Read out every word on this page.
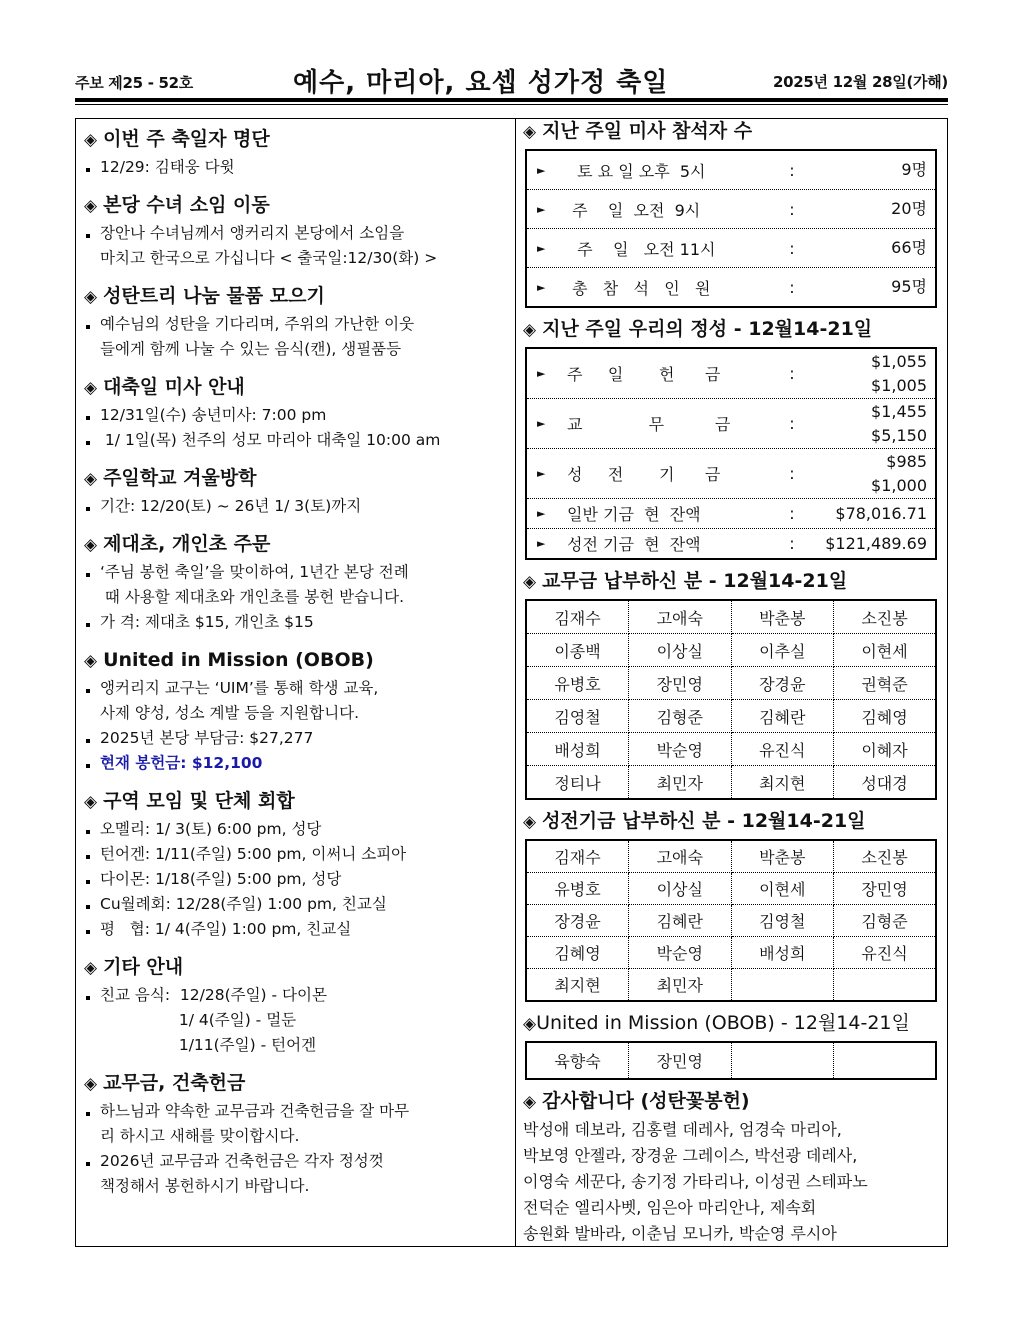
주보 제25 - 52호	예수, 마리아, 요셉 성가정 축일	2025년 12월 28일(가해)
◈ 이번 주 축일자 명단
12/29: 김태웅 다윗
◈ 본당 수녀 소임 이동
장안나 수녀님께서 앵커리지 본당에서 소임을
마치고 한국으로 가십니다 < 출국일:12/30(화) >
◈ 성탄트리 나눔 물품 모으기
예수님의 성탄을 기다리며, 주위의 가난한 이웃
들에게 함께 나눌 수 있는 음식(캔), 생필품등
◈ 대축일 미사 안내
12/31일(수) 송년미사: 7:00 pm
1/ 1일(목) 천주의 성모 마리아 대축일 10:00 am
◈ 주일학교 겨울방학
기간: 12/20(토) ~ 26년 1/ 3(토)까지
◈ 제대초, 개인초 주문
‘주님 봉헌 축일’을 맞이하여, 1년간 본당 전례
때 사용할 제대초와 개인초를 봉헌 받습니다.
가 격: 제대초 $15, 개인초 $15
◈ United in Mission (OBOB)
앵커리지 교구는 ‘UIM’를 통해 학생 교육,
사제 양성, 성소 계발 등을 지원합니다.
2025년 본당 부담금: $27,277
현재 봉헌금: $12,100
◈ 구역 모임 및 단체 회합
오멜리: 1/ 3(토) 6:00 pm, 성당
턴어겐: 1/11(주일) 5:00 pm, 이써니 소피아
다이몬: 1/18(주일) 5:00 pm, 성당
Cu월례회: 12/28(주일) 1:00 pm, 친교실
평   협: 1/ 4(주일) 1:00 pm, 친교실
◈ 기타 안내
친교 음식:  12/28(주일) - 다이몬
1/ 4(주일) - 멀둔
1/11(주일) - 턴어겐
◈ 교무금, 건축헌금
하느님과 약속한 교무금과 건축헌금을 잘 마무
리 하시고 새해를 맞이합시다.
2026년 교무금과 건축헌금은 각자 정성껏
책정해서 봉헌하시기 바랍니다.
◈ 지난 주일 미사 참석자 수
►	토 요 일 오후  5시	:	9명
►	주    일  오전  9시	:	20명
►	주    일   오전 11시	:	66명
►	총   참   석   인   원	:	95명
◈ 지난 주일 우리의 정성 - 12월14-21일
►	주     일       헌      금	:
$1,055
$1,005
►	교             무          금	:
$1,455
$5,150
►	성     전       기      금	:
$985
$1,000
►	일반 기금  현  잔액	:	$78,016.71
►	성전 기금  현  잔액	:	$121,489.69
◈ 교무금 납부하신 분 - 12월14-21일
김재수	고애숙	박춘봉	소진봉
이종백	이상실	이추실	이현세
유병호	장민영	장경윤	권혁준
김영철	김형준	김혜란	김혜영
배성희	박순영	유진식	이혜자
정티나	최민자	최지현	성대경
◈ 성전기금 납부하신 분 - 12월14-21일
김재수	고애숙	박춘봉	소진봉
유병호	이상실	이현세	장민영
장경윤	김혜란	김영철	김형준
김혜영	박순영	배성희	유진식
최지현	최민자		
◈United in Mission (OBOB) - 12월14-21일
육향숙	장민영		
◈ 감사합니다 (성탄꽃봉헌)

박성애 데보라, 김홍렬 데레사, 엄경숙 마리아,

박보영 안젤라, 장경윤 그레이스, 박선광 데레사,

이영숙 세꾼다, 송기정 가타리나, 이성권 스테파노

전덕순 엘리사벳, 임은아 마리안나, 제속회

송원화 발바라, 이춘님 모니카, 박순영 루시아
